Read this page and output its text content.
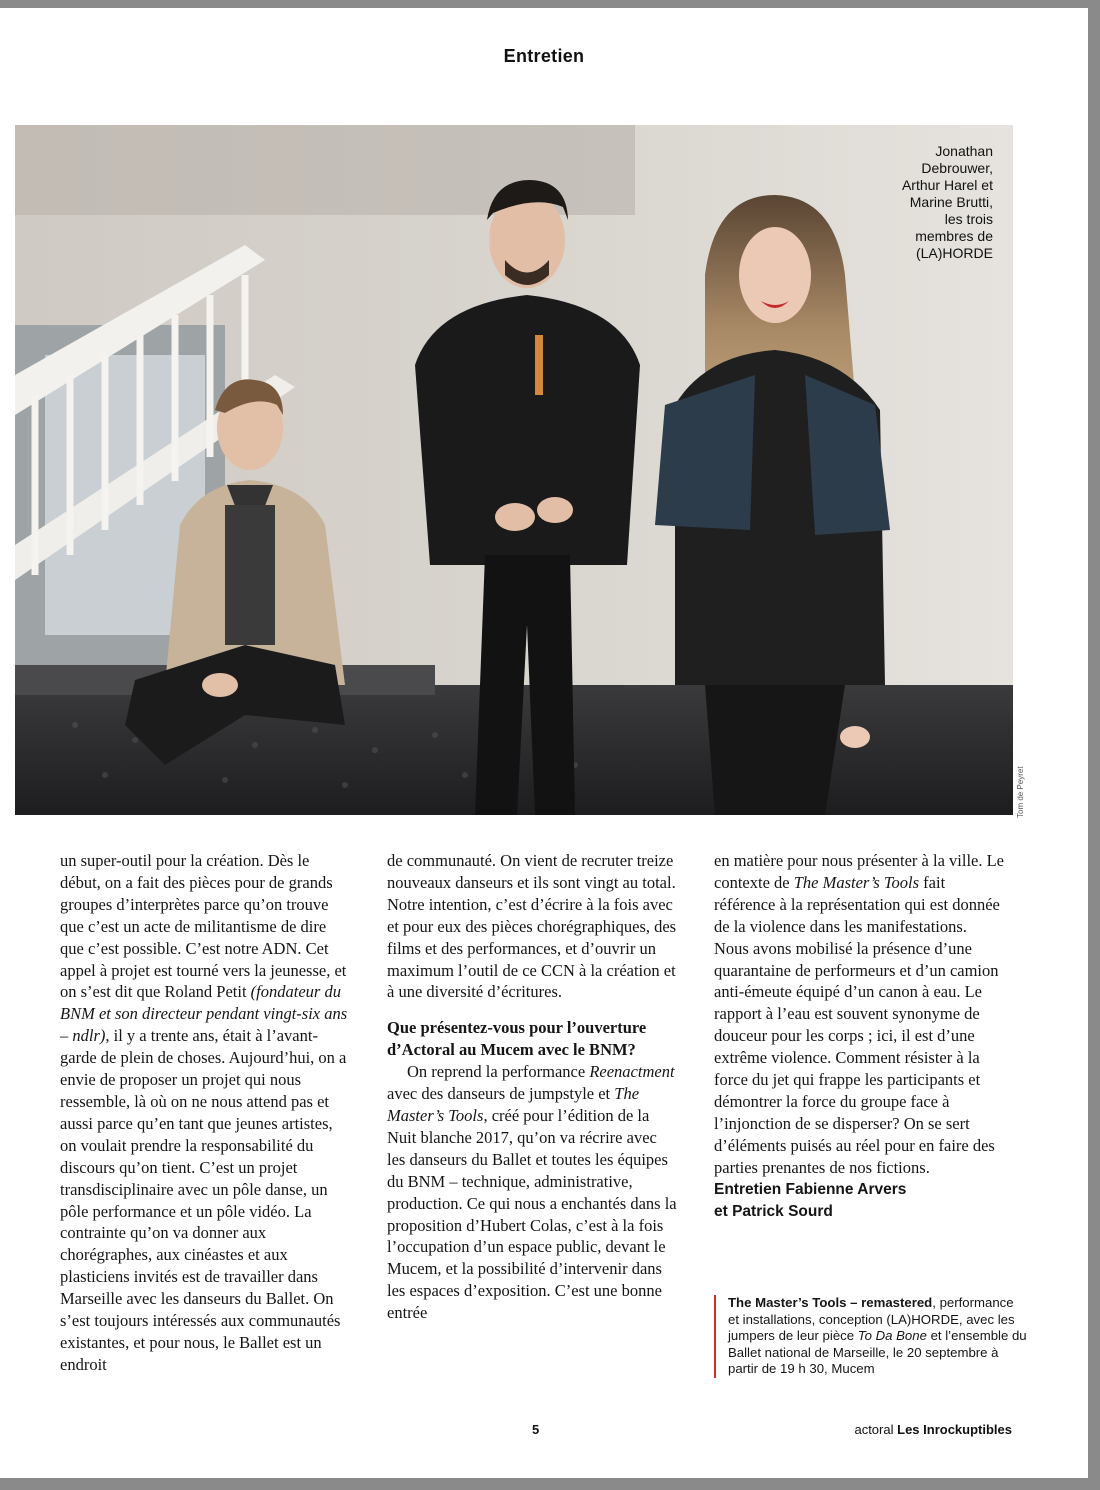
Entretien
Jonathan
Debrouwer,
Arthur Harel et
Marine Brutti,
les trois
membres de
(LA)HORDE
Tom de Peyret

un super-outil pour la création. Dès le début, on a fait des pièces pour de grands groupes d’interprètes parce qu’on trouve que c’est un acte de militantisme de dire que c’est possible. C’est notre ADN. Cet appel à projet est tourné vers la jeunesse, et on s’est dit que Roland Petit (fondateur du BNM et son directeur pendant vingt-six ans – ndlr), il y a trente ans, était à l’avant-garde de plein de choses. Aujourd’hui, on a envie de proposer un projet qui nous ressemble, là où on ne nous attend pas et aussi parce qu’en tant que jeunes artistes, on voulait prendre la responsabilité du discours qu’on tient. C’est un projet transdisciplinaire avec un pôle danse, un pôle performance et un pôle vidéo. La contrainte qu’on va donner aux chorégraphes, aux cinéastes et aux plasticiens invités est de travailler dans Marseille avec les danseurs du Ballet. On s’est toujours intéressés aux communautés existantes, et pour nous, le Ballet est un endroit

de communauté. On vient de recruter treize nouveaux danseurs et ils sont vingt au total. Notre intention, c’est d’écrire à la fois avec et pour eux des pièces chorégraphiques, des films et des performances, et d’ouvrir un maximum l’outil de ce CCN à la création et à une diversité d’écritures.

Que présentez-vous pour l’ouverture d’Actoral au Mucem avec le BNM?

On reprend la performance Reenactment avec des danseurs de jumpstyle et The Master’s Tools, créé pour l’édition de la Nuit blanche 2017, qu’on va récrire avec les danseurs du Ballet et toutes les équipes du BNM – technique, administrative, production. Ce qui nous a enchantés dans la proposition d’Hubert Colas, c’est à la fois l’occupation d’un espace public, devant le Mucem, et la possibilité d’intervenir dans les espaces d’exposition. C’est une bonne entrée

en matière pour nous présenter à la ville. Le contexte de The Master’s Tools fait référence à la représentation qui est donnée de la violence dans les manifestations. Nous avons mobilisé la présence d’une quarantaine de performeurs et d’un camion anti-émeute équipé d’un canon à eau. Le rapport à l’eau est souvent synonyme de douceur pour les corps ; ici, il est d’une extrême violence. Comment résister à la force du jet qui frappe les participants et démontrer la force du groupe face à l’injonction de se disperser? On se sert d’éléments puisés au réel pour en faire des parties prenantes de nos fictions.

Entretien Fabienne Arvers
et Patrick Sourd
The Master’s Tools – remastered, performance et installations, conception (LA)HORDE, avec les jumpers de leur pièce To Da Bone et l’ensemble du Ballet national de Marseille, le 20 septembre à partir de 19 h 30, Mucem
5	actoral Les Inrockuptibles
